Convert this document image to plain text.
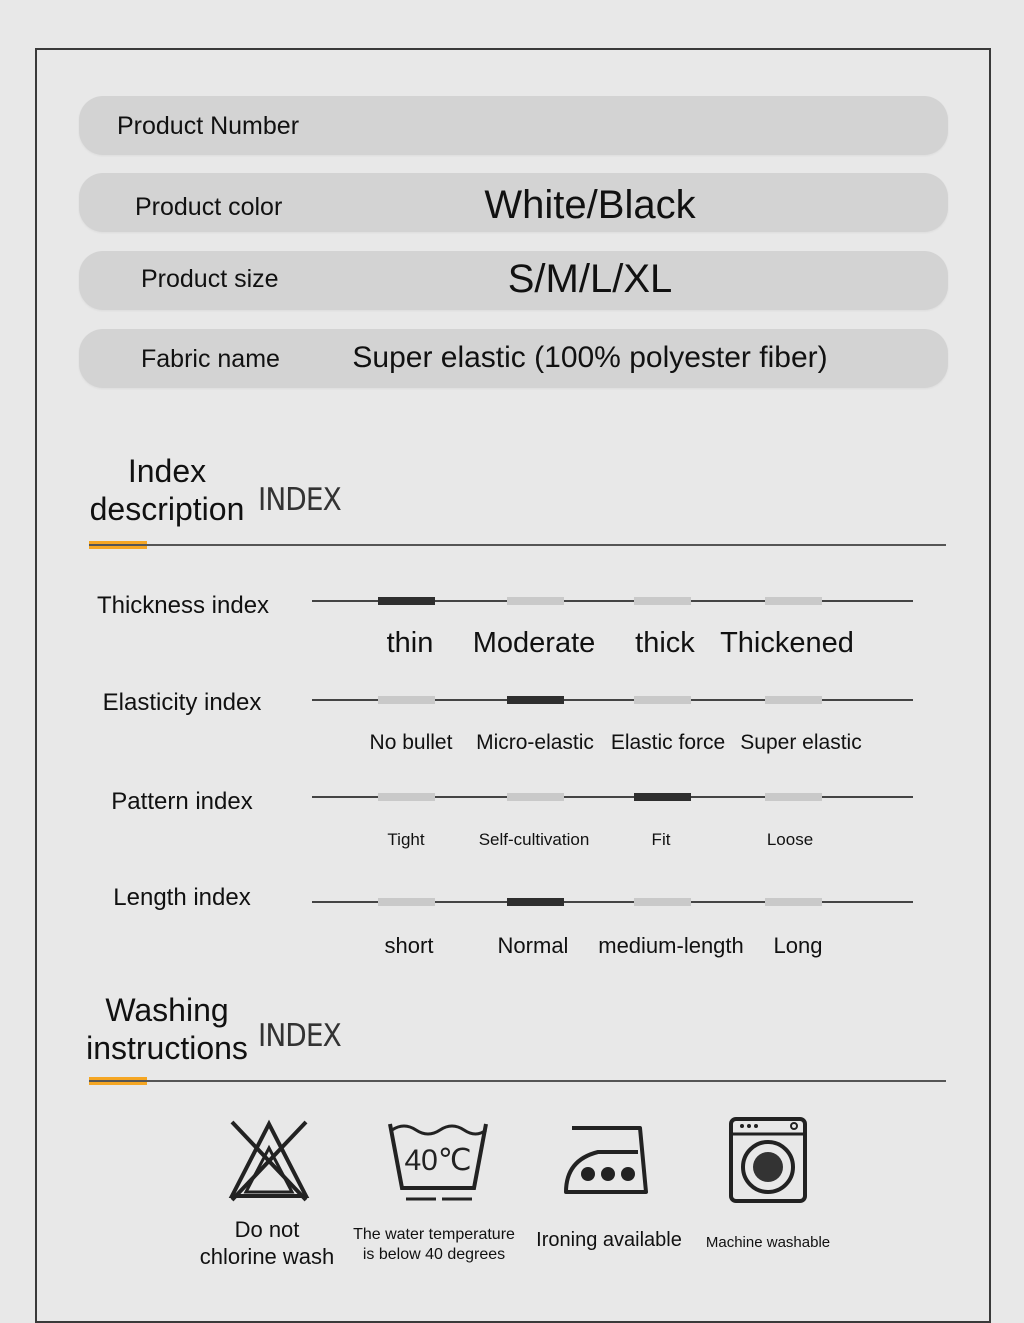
Product Number
Product color	White/Black
Product size	S/M/L/XL
Fabric name Super elastic (100% polyester fiber)
Index
description INDEX
Thickness index
thin Moderate thick Thickened
Elasticity index
No bullet Micro-elastic Elastic force Super elastic
Pattern index
Tight	Self-cultivation	Fit	Loose
Length index
short	Normal medium-length Long
Washing
instructions INDEX
40℃
Do not
chlorine wash
The water temperature
is below 40 degrees
Ironing available Machine washable
